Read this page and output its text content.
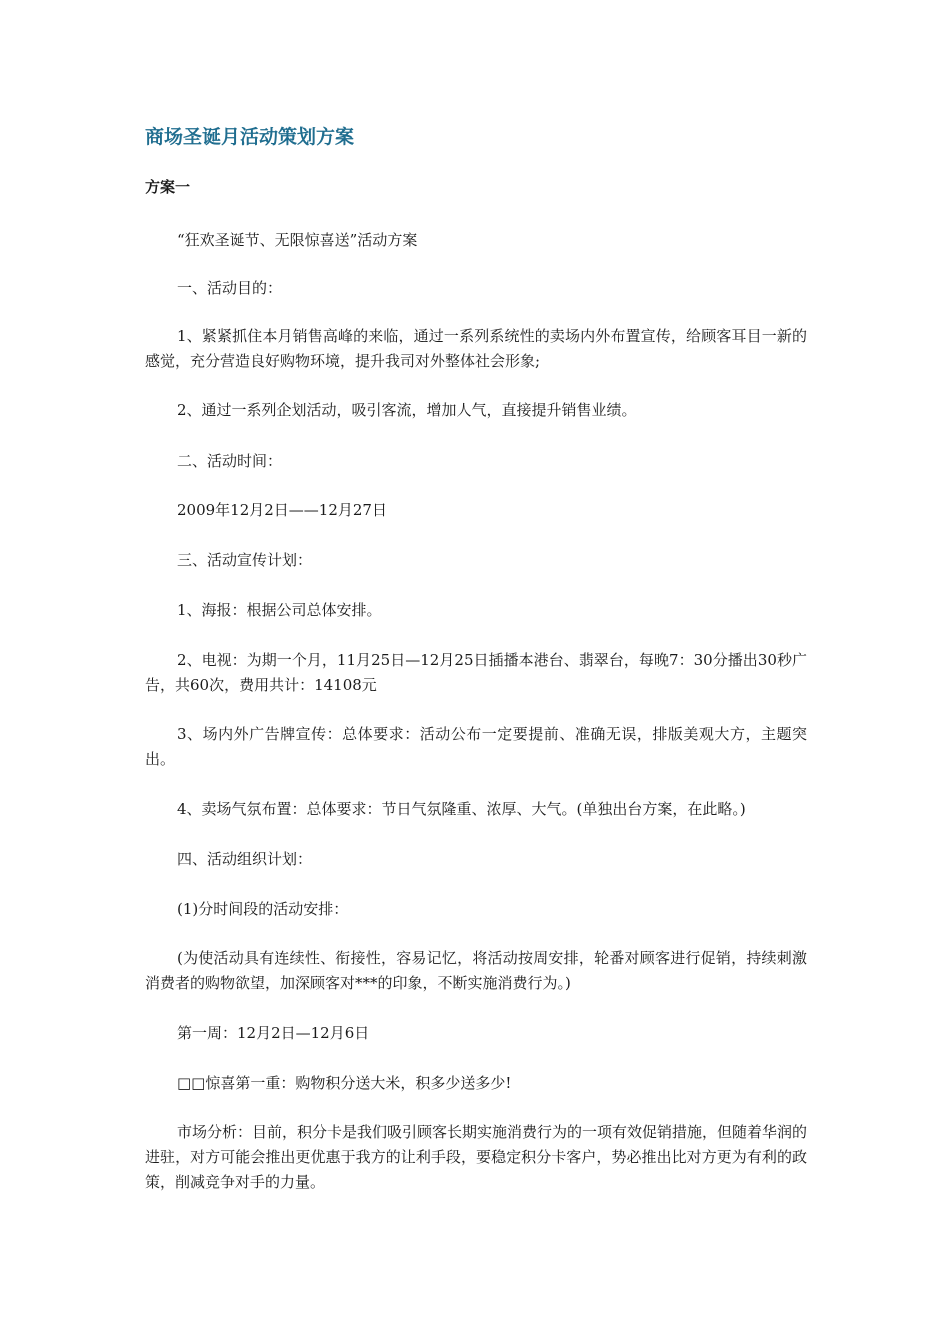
商场圣诞月活动策划方案
方案一

“狂欢圣诞节、无限惊喜送”活动方案

一、活动目的：

1、紧紧抓住本月销售高峰的来临，通过一系列系统性的卖场内外布置宣传，给顾客耳目一新的感觉，充分营造良好购物环境，提升我司对外整体社会形象;

2、通过一系列企划活动，吸引客流，增加人气，直接提升销售业绩。

二、活动时间：

2009年12月2日——12月27日

三、活动宣传计划：

1、海报：根据公司总体安排。

2、电视：为期一个月，11月25日—12月25日插播本港台、翡翠台，每晚7：30分播出30秒广告，共60次，费用共计：14108元

3、场内外广告牌宣传：总体要求：活动公布一定要提前、准确无误，排版美观大方，主题突出。

4、卖场气氛布置：总体要求：节日气氛隆重、浓厚、大气。(单独出台方案，在此略。)

四、活动组织计划：

(1)分时间段的活动安排：

(为使活动具有连续性、衔接性，容易记忆，将活动按周安排，轮番对顾客进行促销，持续刺激消费者的购物欲望，加深顾客对***的印象，不断实施消费行为。)

第一周：12月2日—12月6日

□□惊喜第一重：购物积分送大米，积多少送多少!

市场分析：目前，积分卡是我们吸引顾客长期实施消费行为的一项有效促销措施，但随着华润的进驻，对方可能会推出更优惠于我方的让利手段，要稳定积分卡客户，势必推出比对方更为有利的政策，削减竞争对手的力量。
